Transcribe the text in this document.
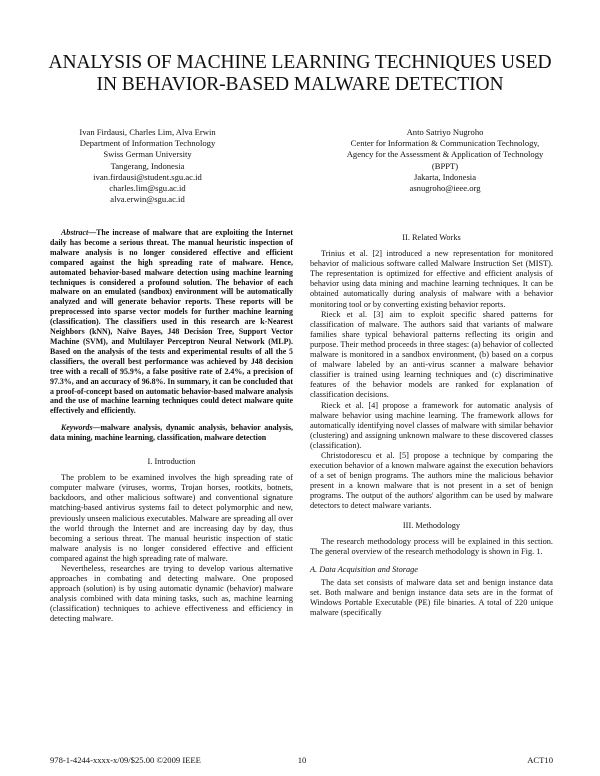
ANALYSIS OF MACHINE LEARNING TECHNIQUES USED
IN BEHAVIOR-BASED MALWARE DETECTION
Ivan Firdausi, Charles Lim, Alva Erwin
Department of Information Technology
Swiss German University
Tangerang, Indonesia
ivan.firdausi@student.sgu.ac.id
charles.lim@sgu.ac.id
alva.erwin@sgu.ac.id
Anto Satriyo Nugroho
Center for Information & Communication Technology,
Agency for the Assessment & Application of Technology
(BPPT)
Jakarta, Indonesia
asnugroho@ieee.org

Abstract—The increase of malware that are exploiting the Internet daily has become a serious threat. The manual heuristic inspection of malware analysis is no longer considered effective and efficient compared against the high spreading rate of malware. Hence, automated behavior-based malware detection using machine learning techniques is considered a profound solution. The behavior of each malware on an emulated (sandbox) environment will be automatically analyzed and will generate behavior reports. These reports will be preprocessed into sparse vector models for further machine learning (classification). The classifiers used in this research are k-Nearest Neighbors (kNN), Naïve Bayes, J48 Decision Tree, Support Vector Machine (SVM), and Multilayer Perceptron Neural Network (MLP). Based on the analysis of the tests and experimental results of all the 5 classifiers, the overall best performance was achieved by J48 decision tree with a recall of 95.9%, a false positive rate of 2.4%, a precision of 97.3%, and an accuracy of 96.8%. In summary, it can be concluded that a proof-of-concept based on automatic behavior-based malware analysis and the use of machine learning techniques could detect malware quite effectively and efficiently.

Keywords—malware analysis, dynamic analysis, behavior analysis, data mining, machine learning, classification, malware detection

I. Introduction

The problem to be examined involves the high spreading rate of computer malware (viruses, worms, Trojan horses, rootkits, botnets, backdoors, and other malicious software) and conventional signature matching-based antivirus systems fail to detect polymorphic and new, previously unseen malicious executables. Malware are spreading all over the world through the Internet and are increasing day by day, thus becoming a serious threat. The manual heuristic inspection of static malware analysis is no longer considered effective and efficient compared against the high spreading rate of malware.

Nevertheless, researches are trying to develop various alternative approaches in combating and detecting malware. One proposed approach (solution) is by using automatic dynamic (behavior) malware analysis combined with data mining tasks, such as, machine learning (classification) techniques to achieve effectiveness and efficiency in detecting malware.

II. Related Works

Trinius et al. [2] introduced a new representation for monitored behavior of malicious software called Malware Instruction Set (MIST). The representation is optimized for effective and efficient analysis of behavior using data mining and machine learning techniques. It can be obtained automatically during analysis of malware with a behavior monitoring tool or by converting existing behavior reports.

Rieck et al. [3] aim to exploit specific shared patterns for classification of malware. The authors said that variants of malware families share typical behavioral patterns reflecting its origin and purpose. Their method proceeds in three stages: (a) behavior of collected malware is monitored in a sandbox environment, (b) based on a corpus of malware labeled by an anti-virus scanner a malware behavior classifier is trained using learning techniques and (c) discriminative features of the behavior models are ranked for explanation of classification decisions.

Rieck et al. [4] propose a framework for automatic analysis of malware behavior using machine learning. The framework allows for automatically identifying novel classes of malware with similar behavior (clustering) and assigning unknown malware to these discovered classes (classification).

Christodorescu et al. [5] propose a technique by comparing the execution behavior of a known malware against the execution behaviors of a set of benign programs. The authors mine the malicious behavior present in a known malware that is not present in a set of benign programs. The output of the authors' algorithm can be used by malware detectors to detect malware variants.

III. Methodology

The research methodology process will be explained in this section. The general overview of the research methodology is shown in Fig. 1.

A. Data Acquisition and Storage

The data set consists of malware data set and benign instance data set. Both malware and benign instance data sets are in the format of Windows Portable Executable (PE) file binaries. A total of 220 unique malware (specifically

978-1-4244-xxxx-x/09/$25.00 ©2009 IEEE	10	ACT10
